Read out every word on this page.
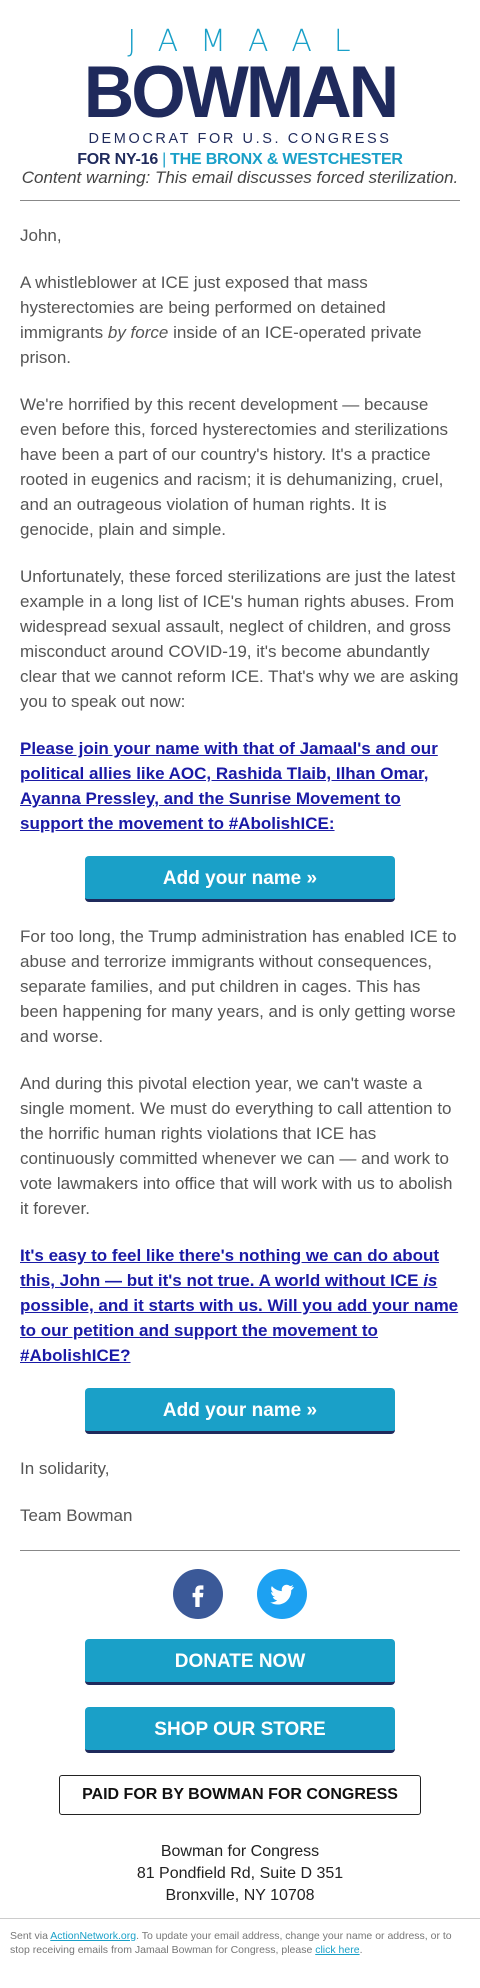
JAMAAL
BOWMAN
DEMOCRAT FOR U.S. CONGRESS
FOR NY-16 | THE BRONX & WESTCHESTER
Content warning: This email discusses forced sterilization.

John,

A whistleblower at ICE just exposed that mass hysterectomies are being performed on detained immigrants by force inside of an ICE-operated private prison.

We're horrified by this recent development — because even before this, forced hysterectomies and sterilizations have been a part of our country's history. It's a practice rooted in eugenics and racism; it is dehumanizing, cruel, and an outrageous violation of human rights. It is genocide, plain and simple.

Unfortunately, these forced sterilizations are just the latest example in a long list of ICE's human rights abuses. From widespread sexual assault, neglect of children, and gross misconduct around COVID-19, it's become abundantly clear that we cannot reform ICE. That's why we are asking you to speak out now:

Please join your name with that of Jamaal's and our political allies like AOC, Rashida Tlaib, Ilhan Omar, Ayanna Pressley, and the Sunrise Movement to support the movement to #AbolishICE:
Add your name »

For too long, the Trump administration has enabled ICE to abuse and terrorize immigrants without consequences, separate families, and put children in cages. This has been happening for many years, and is only getting worse and worse.

And during this pivotal election year, we can't waste a single moment. We must do everything to call attention to the horrific human rights violations that ICE has continuously committed whenever we can — and work to vote lawmakers into office that will work with us to abolish it forever.

It's easy to feel like there's nothing we can do about this, John — but it's not true. A world without ICE is possible, and it starts with us. Will you add your name to our petition and support the movement to #AbolishICE?
Add your name »

In solidarity,

Team Bowman

DONATE NOW
SHOP OUR STORE
PAID FOR BY BOWMAN FOR CONGRESS
Bowman for Congress
81 Pondfield Rd, Suite D 351
Bronxville, NY 10708
Sent via ActionNetwork.org. To update your email address, change your name or address, or to stop receiving emails from Jamaal Bowman for Congress, please click here.
